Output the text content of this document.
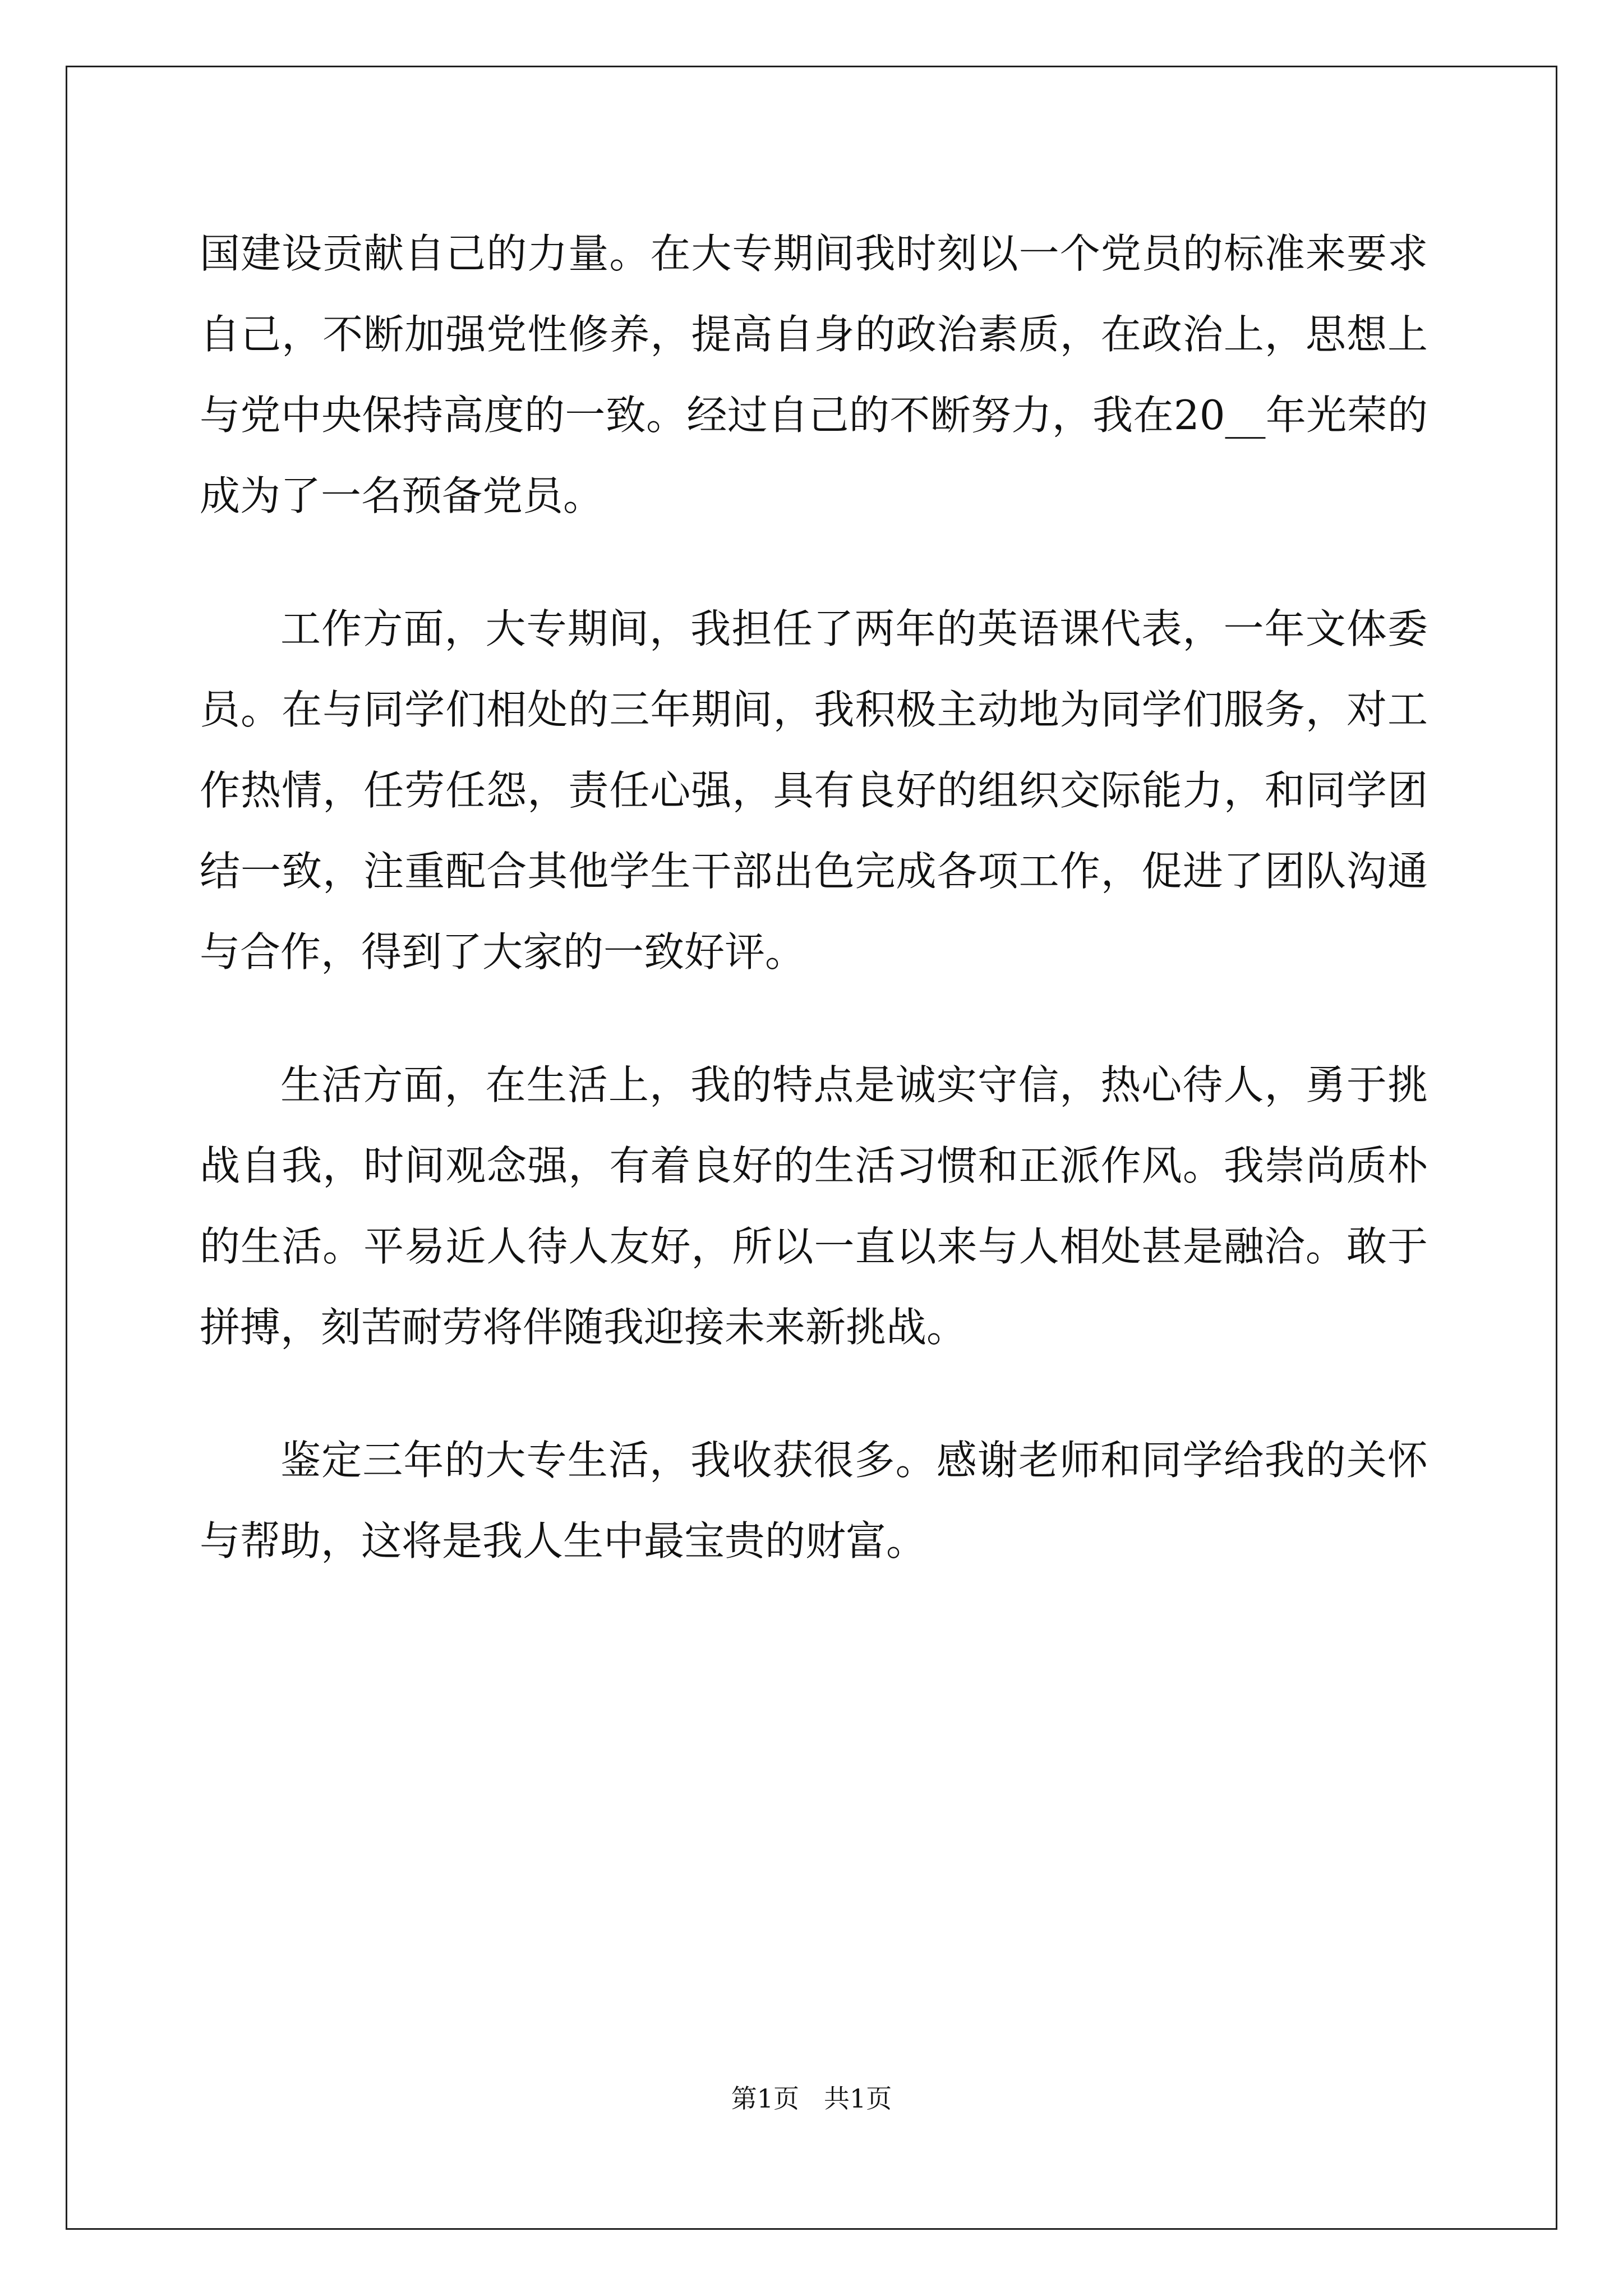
国建设贡献自己的力量。在大专期间我时刻以一个党员的标准来要求
自己，不断加强党性修养，提高自身的政治素质，在政治上，思想上
与党中央保持高度的一致。经过自己的不断努力，我在20__年光荣的
成为了一名预备党员。
工作方面，大专期间，我担任了两年的英语课代表，一年文体委
员。在与同学们相处的三年期间，我积极主动地为同学们服务，对工
作热情，任劳任怨，责任心强，具有良好的组织交际能力，和同学团
结一致，注重配合其他学生干部出色完成各项工作，促进了团队沟通
与合作，得到了大家的一致好评。
生活方面，在生活上，我的特点是诚实守信，热心待人，勇于挑
战自我，时间观念强，有着良好的生活习惯和正派作风。我崇尚质朴
的生活。平易近人待人友好，所以一直以来与人相处甚是融洽。敢于
拼搏，刻苦耐劳将伴随我迎接未来新挑战。
鉴定三年的大专生活，我收获很多。感谢老师和同学给我的关怀
与帮助，这将是我人生中最宝贵的财富。
第1页 共1页
